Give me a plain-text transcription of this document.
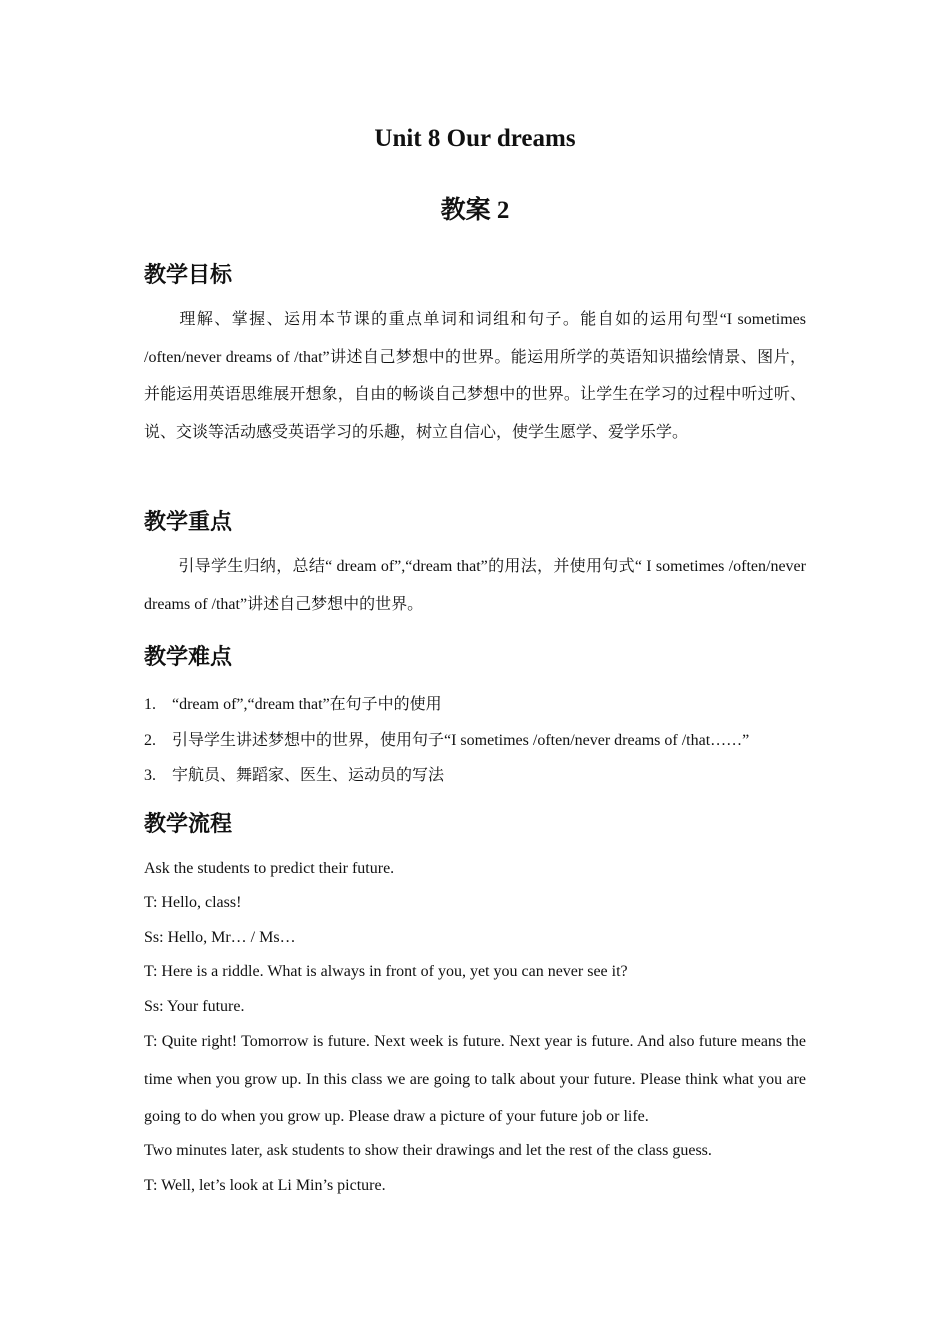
Unit 8 Our dreams
教案 2
教学目标
理解、掌握、运用本节课的重点单词和词组和句子。能自如的运用句型“I sometimes /often/never dreams of /that”讲述自己梦想中的世界。能运用所学的英语知识描绘情景、图片，并能运用英语思维展开想象，自由的畅谈自己梦想中的世界。让学生在学习的过程中听过听、说、交谈等活动感受英语学习的乐趣，树立自信心，使学生愿学、爱学乐学。
教学重点
引导学生归纳，总结“ dream of”,“dream that”的用法，并使用句式“ I sometimes /often/never dreams of /that”讲述自己梦想中的世界。
教学难点
1. “dream of”,“dream that”在句子中的使用
2. 引导学生讲述梦想中的世界，使用句子“I sometimes /often/never dreams of /that……”
3. 宇航员、舞蹈家、医生、运动员的写法
教学流程
Ask the students to predict their future.
T: Hello, class!
Ss: Hello, Mr… / Ms…
T: Here is a riddle. What is always in front of you, yet you can never see it?
Ss: Your future.
T: Quite right! Tomorrow is future. Next week is future. Next year is future. And also future means the time when you grow up. In this class we are going to talk about your future. Please think what you are going to do when you grow up. Please draw a picture of your future job or life.
Two minutes later, ask students to show their drawings and let the rest of the class guess.
T: Well, let’s look at Li Min’s picture.
